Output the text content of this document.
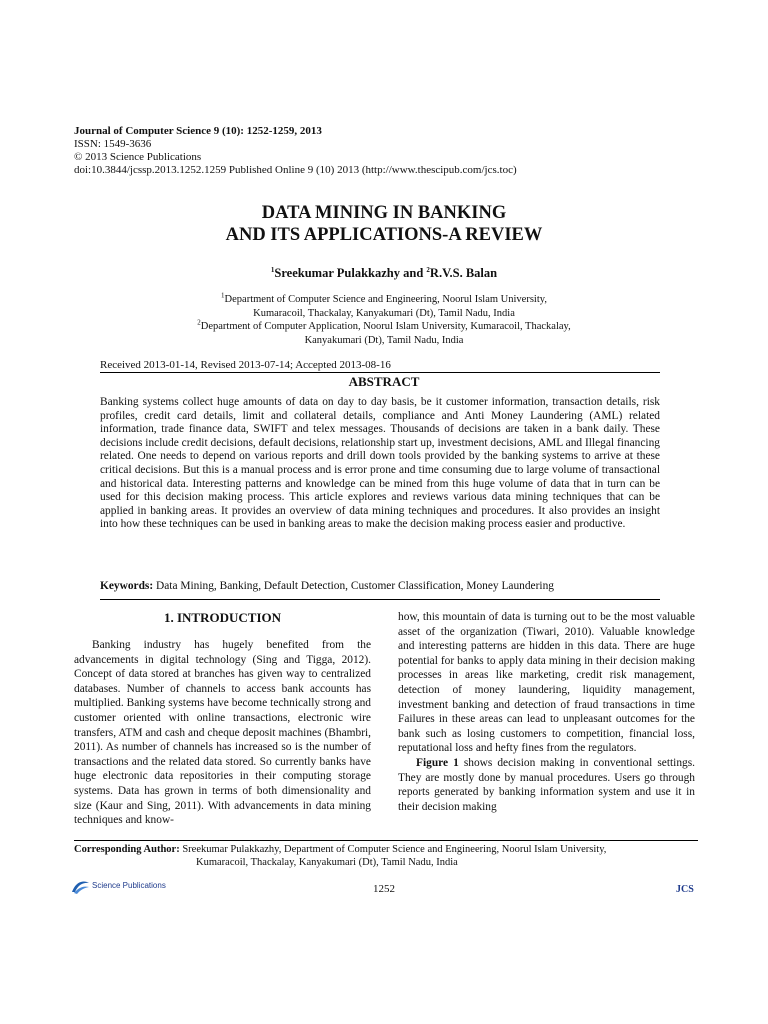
Journal of Computer Science 9 (10): 1252-1259, 2013
ISSN: 1549-3636
© 2013 Science Publications
doi:10.3844/jcssp.2013.1252.1259 Published Online 9 (10) 2013 (http://www.thescipub.com/jcs.toc)
DATA MINING IN BANKING
AND ITS APPLICATIONS-A REVIEW
$^1$Sreekumar Pulakkazhy and $^2$R.V.S. Balan
$^1$Department of Computer Science and Engineering, Noorul Islam University,
Kumaracoil, Thackalay, Kanyakumari (Dt), Tamil Nadu, India
$^2$Department of Computer Application, Noorul Islam University, Kumaracoil, Thackalay,
Kanyakumari (Dt), Tamil Nadu, India
Received 2013-01-14, Revised 2013-07-14; Accepted 2013-08-16
ABSTRACT
Banking systems collect huge amounts of data on day to day basis, be it customer information, transaction details, risk profiles, credit card details, limit and collateral details, compliance and Anti Money Laundering (AML) related information, trade finance data, SWIFT and telex messages. Thousands of decisions are taken in a bank daily. These decisions include credit decisions, default decisions, relationship start up, investment decisions, AML and Illegal financing related. One needs to depend on various reports and drill down tools provided by the banking systems to arrive at these critical decisions. But this is a manual process and is error prone and time consuming due to large volume of transactional and historical data. Interesting patterns and knowledge can be mined from this huge volume of data that in turn can be used for this decision making process. This article explores and reviews various data mining techniques that can be applied in banking areas. It provides an overview of data mining techniques and procedures. It also provides an insight into how these techniques can be used in banking areas to make the decision making process easier and productive.
Keywords: Data Mining, Banking, Default Detection, Customer Classification, Money Laundering
1. INTRODUCTION
Banking industry has hugely benefited from the advancements in digital technology (Sing and Tigga, 2012). Concept of data stored at branches has given way to centralized databases. Number of channels to access bank accounts has multiplied. Banking systems have become technically strong and customer oriented with online transactions, electronic wire transfers, ATM and cash and cheque deposit machines (Bhambri, 2011). As number of channels has increased so is the number of transactions and the related data stored. So currently banks have huge electronic data repositories in their computing storage systems. Data has grown in terms of both dimensionality and size (Kaur and Sing, 2011). With advancements in data mining techniques and know-
how, this mountain of data is turning out to be the most valuable asset of the organization (Tiwari, 2010). Valuable knowledge and interesting patterns are hidden in this data. There are huge potential for banks to apply data mining in their decision making processes in areas like marketing, credit risk management, detection of money laundering, liquidity management, investment banking and detection of fraud transactions in time Failures in these areas can lead to unpleasant outcomes for the bank such as losing customers to competition, financial loss, reputational loss and hefty fines from the regulators.
Figure 1 shows decision making in conventional settings. They are mostly done by manual procedures. Users go through reports generated by banking information system and use it in their decision making
Corresponding Author: Sreekumar Pulakkazhy, Department of Computer Science and Engineering, Noorul Islam University,
Kumaracoil, Thackalay, Kanyakumari (Dt), Tamil Nadu, India
Science Publications	1252	JCS
